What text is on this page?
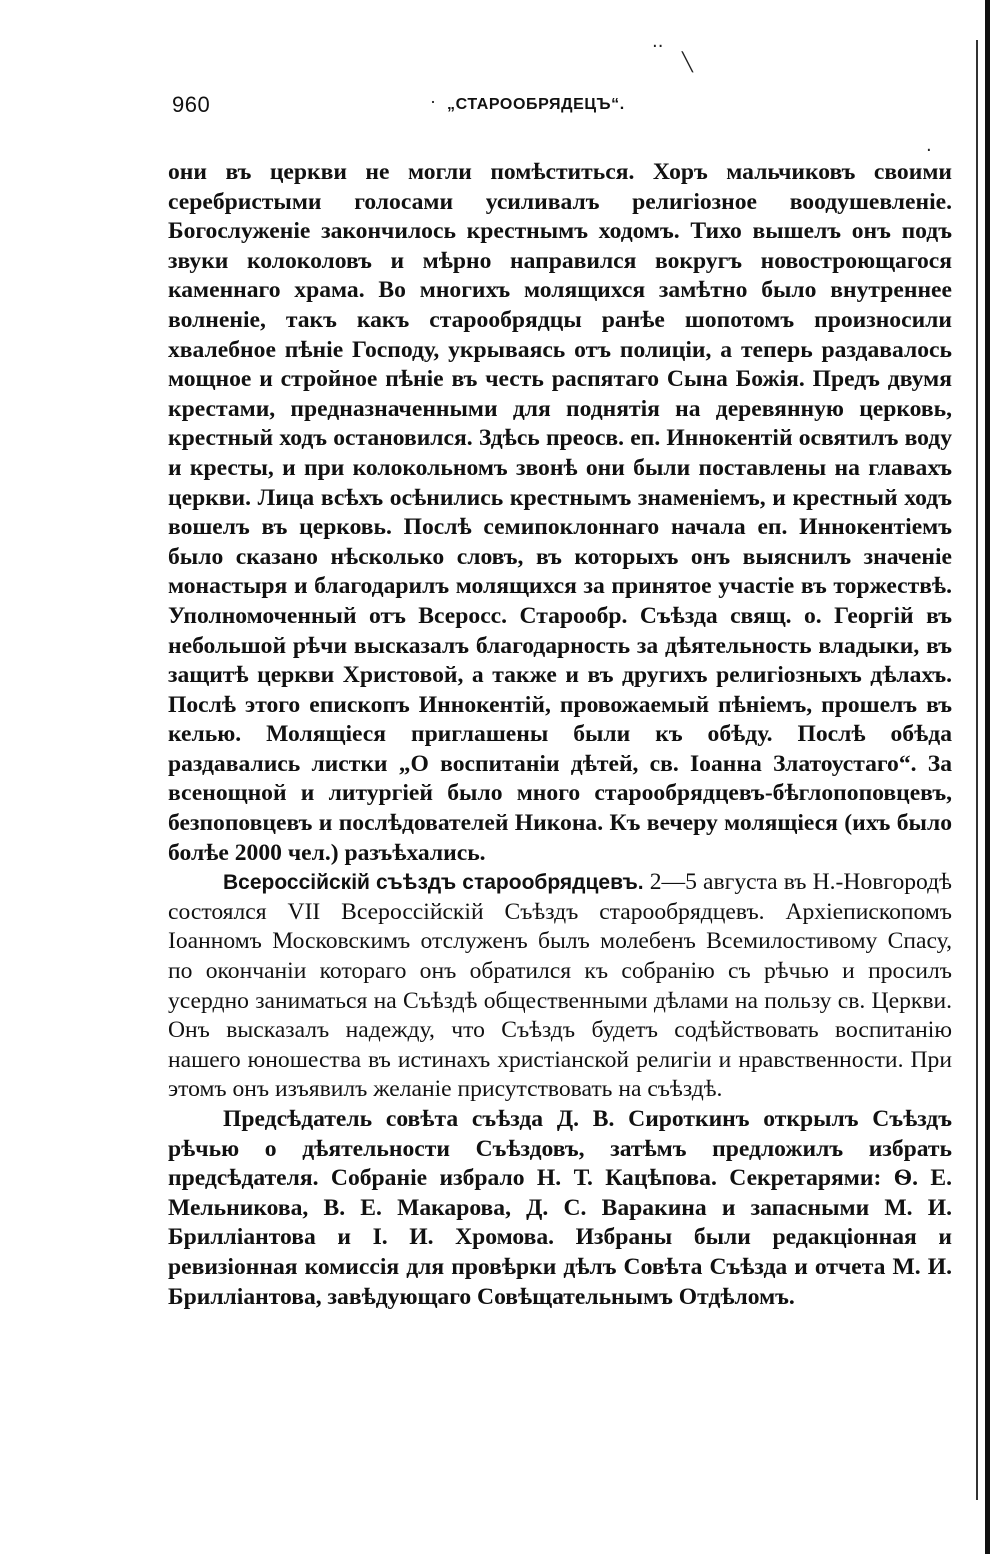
··
╲
·
960	· „СТАРООБРЯДЕЦЪ“.

они въ церкви не могли помѣститься. Хоръ мальчиковъ своими серебристыми голосами усиливалъ религіозное воодушевленіе. Богослуженіе закончилось крестнымъ ходомъ. Тихо вышелъ онъ подъ звуки колоколовъ и мѣрно направился вокругъ новостроющагося каменнаго храма. Во многихъ молящихся замѣтно было внутреннее волненіе, такъ какъ старообрядцы ранѣе шопотомъ произносили хвалебное пѣніе Господу, укрываясь отъ полиціи, а теперь раздавалось мощное и стройное пѣніе въ честь распятаго Сына Божія. Предъ двумя крестами, предназначенными для поднятія на деревянную церковь, крестный ходъ остановился. Здѣсь преосв. еп. Иннокентій освятилъ воду и кресты, и при колокольномъ звонѣ они были поставлены на главахъ церкви. Лица всѣхъ осѣнились крестнымъ знаменіемъ, и крестный ходъ вошелъ въ церковь. Послѣ семипоклоннаго начала еп. Иннокентіемъ было сказано нѣсколько словъ, въ которыхъ онъ выяснилъ значеніе монастыря и благодарилъ молящихся за принятое участіе въ торжествѣ. Уполномоченный отъ Всеросс. Старообр. Съѣзда свящ. о. Георгій въ небольшой рѣчи высказалъ благодарность за дѣятельность владыки, въ защитѣ церкви Христовой, а также и въ другихъ религіозныхъ дѣлахъ. Послѣ этого епископъ Иннокентій, провожаемый пѣніемъ, прошелъ въ келью. Молящіеся приглашены были къ обѣду. Послѣ обѣда раздавались листки „О воспитаніи дѣтей, св. Іоанна Златоустаго“. За всенощной и литургіей было много старообрядцевъ-бѣглопоповцевъ, безпоповцевъ и послѣдователей Никона. Къ вечеру молящіеся (ихъ было болѣе 2000 чел.) разъѣхались.

Всероссійскій съѣздъ старообрядцевъ. 2—5 августа въ Н.-Новгородѣ состоялся VII Всероссійскій Съѣздъ старообрядцевъ. Архіепископомъ Іоанномъ Московскимъ отслуженъ былъ молебенъ Всемилостивому Спасу, по окончаніи котораго онъ обратился къ собранію съ рѣчью и просилъ усердно заниматься на Съѣздѣ общественными дѣлами на пользу св. Церкви. Онъ высказалъ надежду, что Съѣздъ будетъ содѣйствовать воспитанію нашего юношества въ истинахъ христіанской религіи и нравственности. При этомъ онъ изъявилъ желаніе присутствовать на съѣздѣ.

Предсѣдатель совѣта съѣзда Д. В. Сироткинъ открылъ Съѣздъ рѣчью о дѣятельности Съѣздовъ, затѣмъ предложилъ избрать предсѣдателя. Собраніе избрало Н. Т. Кацѣпова. Секретарями: Ѳ. Е. Мельникова, В. Е. Макарова, Д. С. Варакина и запасными М. И. Брилліантова и І. И. Хромова. Избраны были редакціонная и ревизіонная комиссія для провѣрки дѣлъ Совѣта Съѣзда и отчета М. И. Брилліантова, завѣдующаго Совѣщательнымъ Отдѣломъ.
